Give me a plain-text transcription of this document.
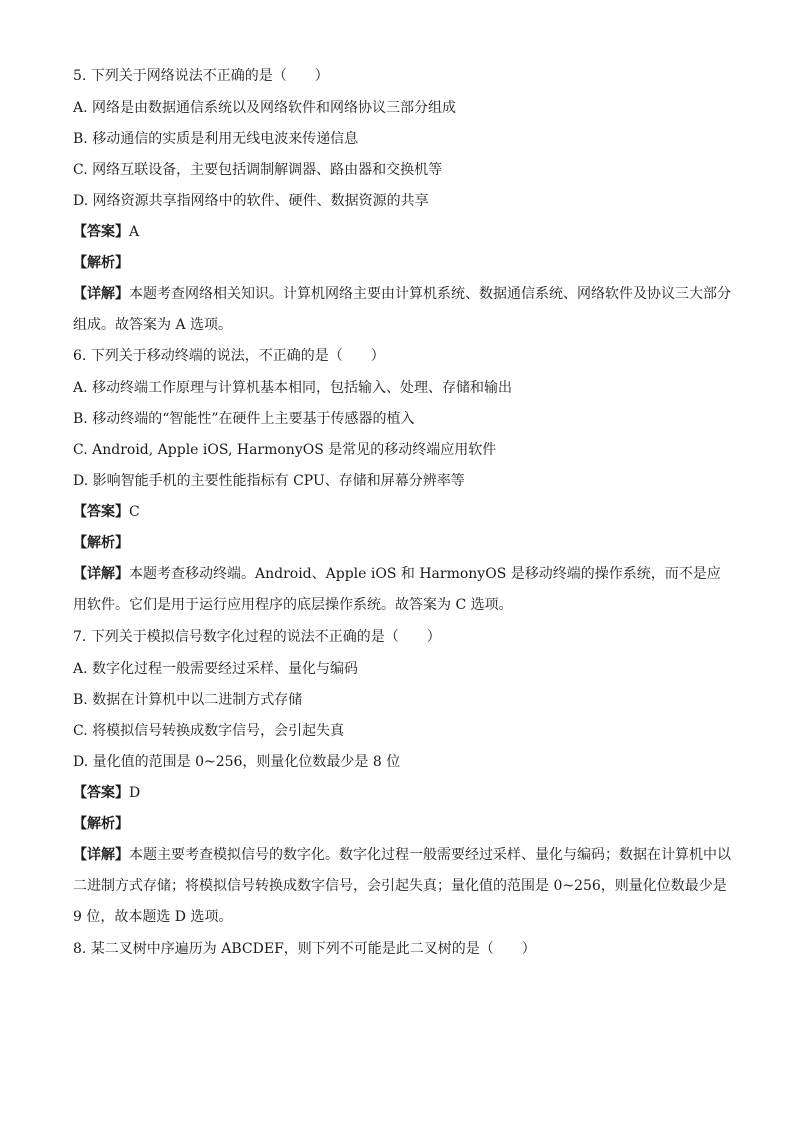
5. 下列关于网络说法不正确的是（　　）
A. 网络是由数据通信系统以及网络软件和网络协议三部分组成
B. 移动通信的实质是利用无线电波来传递信息
C. 网络互联设备，主要包括调制解调器、路由器和交换机等
D. 网络资源共享指网络中的软件、硬件、数据资源的共享
【答案】A
【解析】
【详解】本题考查网络相关知识。计算机网络主要由计算机系统、数据通信系统、网络软件及协议三大部分组成。故答案为 A 选项。
6. 下列关于移动终端的说法，不正确的是（　　）
A. 移动终端工作原理与计算机基本相同，包括输入、处理、存储和输出
B. 移动终端的“智能性”在硬件上主要基于传感器的植入
C. Android, Apple iOS, HarmonyOS 是常见的移动终端应用软件
D. 影响智能手机的主要性能指标有 CPU、存储和屏幕分辨率等
【答案】C
【解析】
【详解】本题考查移动终端。Android、Apple iOS 和 HarmonyOS 是移动终端的操作系统，而不是应用软件。它们是用于运行应用程序的底层操作系统。故答案为 C 选项。
7. 下列关于模拟信号数字化过程的说法不正确的是（　　）
A. 数字化过程一般需要经过采样、量化与编码
B. 数据在计算机中以二进制方式存储
C. 将模拟信号转换成数字信号，会引起失真
D. 量化值的范围是 0~256，则量化位数最少是 8 位
【答案】D
【解析】
【详解】本题主要考查模拟信号的数字化。数字化过程一般需要经过采样、量化与编码；数据在计算机中以二进制方式存储；将模拟信号转换成数字信号，会引起失真；量化值的范围是 0~256，则量化位数最少是 9 位，故本题选 D 选项。
8. 某二叉树中序遍历为 ABCDEF，则下列不可能是此二叉树的是（　　）
